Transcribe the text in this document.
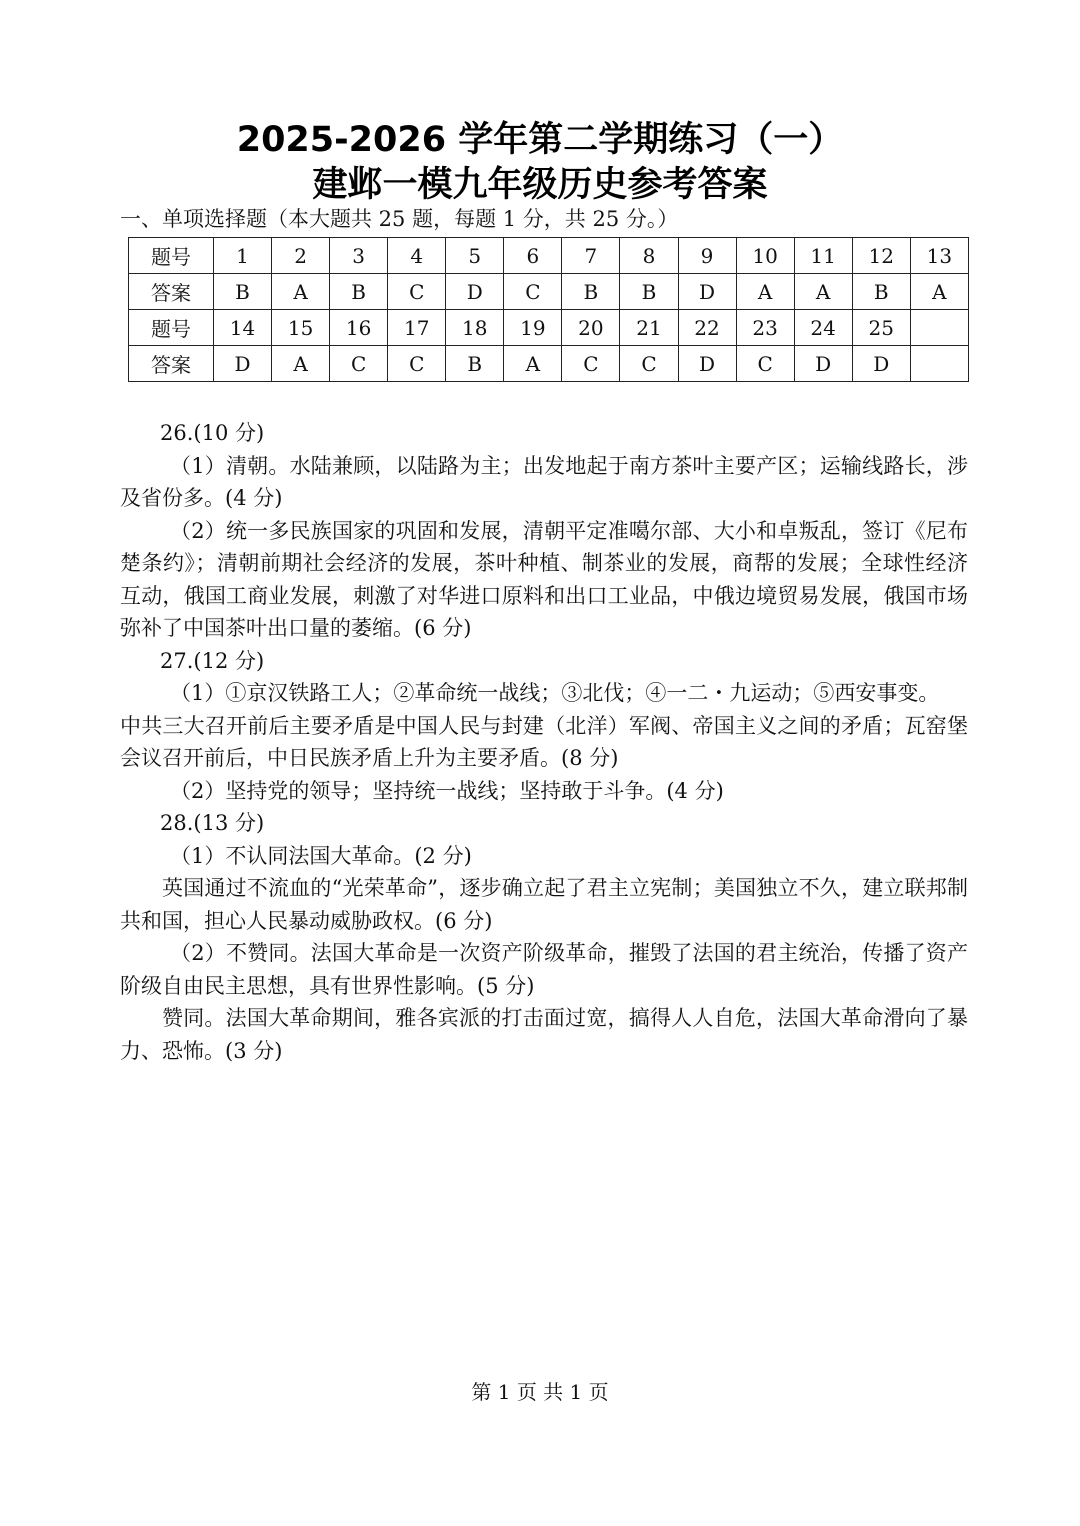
2025-2026 学年第二学期练习（一）
建邺一模九年级历史参考答案
一、单项选择题（本大题共 25 题，每题 1 分，共 25 分。）
题号	1	2	3	4	5	6	7	8	9	10	11	12	13
答案	B	A	B	C	D	C	B	B	D	A	A	B	A
题号	14	15	16	17	18	19	20	21	22	23	24	25	
答案	D	A	C	C	B	A	C	C	D	C	D	D	

26.(10 分)

（1）清朝。水陆兼顾，以陆路为主；出发地起于南方茶叶主要产区；运输线路长，涉及省份多。(4 分)

（2）统一多民族国家的巩固和发展，清朝平定准噶尔部、大小和卓叛乱，签订《尼布楚条约》；清朝前期社会经济的发展，茶叶种植、制茶业的发展，商帮的发展；全球性经济互动，俄国工商业发展，刺激了对华进口原料和出口工业品，中俄边境贸易发展，俄国市场弥补了中国茶叶出口量的萎缩。(6 分)

27.(12 分)

（1）①京汉铁路工人；②革命统一战线；③北伐；④一二・九运动；⑤西安事变。

中共三大召开前后主要矛盾是中国人民与封建（北洋）军阀、帝国主义之间的矛盾；瓦窑堡会议召开前后，中日民族矛盾上升为主要矛盾。(8 分)

（2）坚持党的领导；坚持统一战线；坚持敢于斗争。(4 分)

28.(13 分)

（1）不认同法国大革命。(2 分)

英国通过不流血的“光荣革命”，逐步确立起了君主立宪制；美国独立不久，建立联邦制共和国，担心人民暴动威胁政权。(6 分)

（2）不赞同。法国大革命是一次资产阶级革命，摧毁了法国的君主统治，传播了资产阶级自由民主思想，具有世界性影响。(5 分)

赞同。法国大革命期间，雅各宾派的打击面过宽，搞得人人自危，法国大革命滑向了暴力、恐怖。(3 分)

第 1 页 共 1 页
